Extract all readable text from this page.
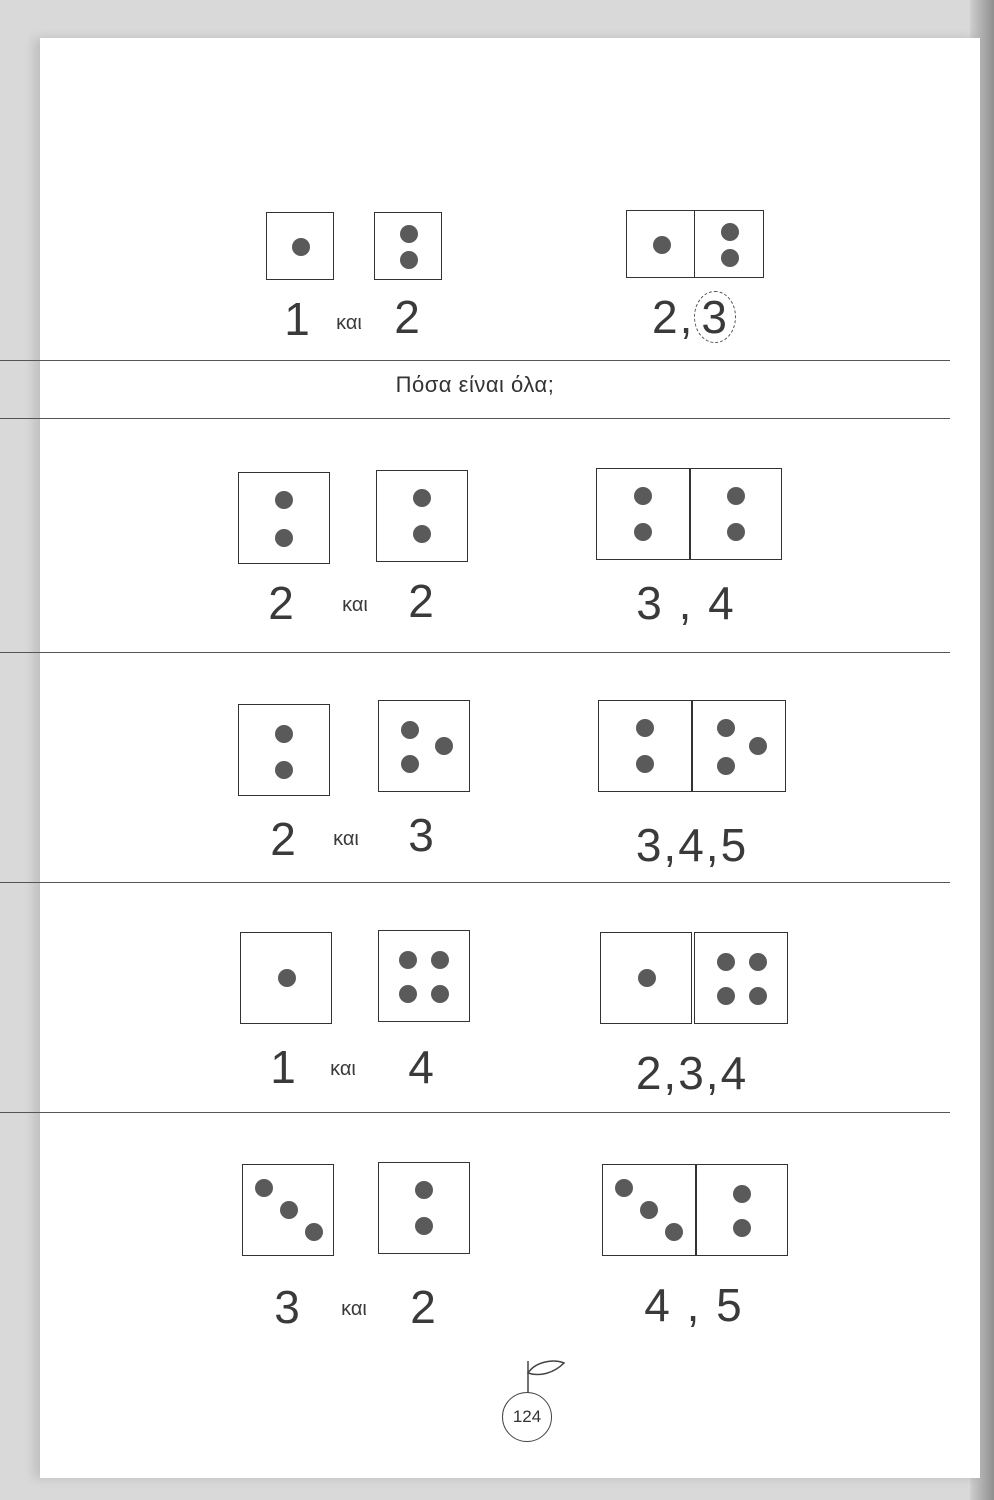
Πόσα είναι όλα;
1	και 2	2, 3
2	και 2	3 , 4
2	και	3	3,4,5
1	και	4	2,3,4
3	και 2	4 , 5
124
